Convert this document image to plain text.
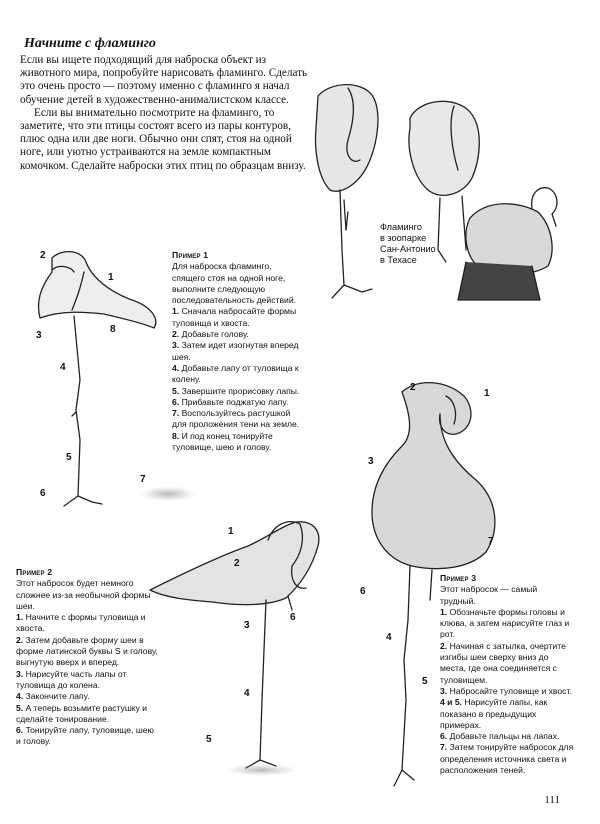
Начните с фламинго

Если вы ищете подходящий для наброска объект из животного мира, попробуйте нарисовать фламинго. Сделать это очень просто — поэтому именно с фламинго я начал обучение детей в художественно-анималистском классе.

Если вы внимательно посмотрите на фламинго, то заметите, что эти птицы состоят всего из пары контуров, плюс одна или две ноги. Обычно они спят, стоя на одной ноге, или уютно устраиваются на земле компактным комочком. Сделайте наброски этих птиц по образцам внизу.

Фламинго
в зоопарке
Сан-Антонио
в Техасе
Пример 1
Для наброска фламинго, спящего стоя на одной ноге, выполните следующую последовательность действий.
1. Сначала набросайте формы туловища и хвоста.
2. Добавьте голову.
3. Затем идет изогнутая вперед шея.
4. Добавьте лапу от туловища к колену.
5. Завершите прорисовку лапы.
6. Прибавьте поджатую лапу.
7. Воспользуйтесь растушкой для проложения тени на земле.
8. И под конец тонируйте туловище, шею и голову.
Пример 2
Этот набросок будет немного сложнее из-за необычной формы шеи.
1. Начните с формы туловища и хвоста.
2. Затем добавьте форму шеи в форме латинской буквы S и голову, выгнутую вверх и вперед.
3. Нарисуйте часть лапы от туловища до колена.
4. Закончите лапу.
5. А теперь возьмите растушку и сделайте тонирование.
6. Тонируйте лапу, туловище, шею и голову.
Пример 3
Этот набросок — самый трудный.
1. Обозначьте формы головы и клюва, а затем нарисуйте глаз и рот.
2. Начиная с затылка, очертите изгибы шеи сверху вниз до места, где она соединяется с туловищем.
3. Набросайте туловище и хвост.
4 и 5. Нарисуйте лапы, как показано в предыдущих примерах.
6. Добавьте пальцы на лапах.
7. Затем тонируйте набросок для определения источника света и расположения теней.
2
1
3
8
4
5
6
7
1
2
6
3
4
5
2
1
3
7
6
4
5
111
